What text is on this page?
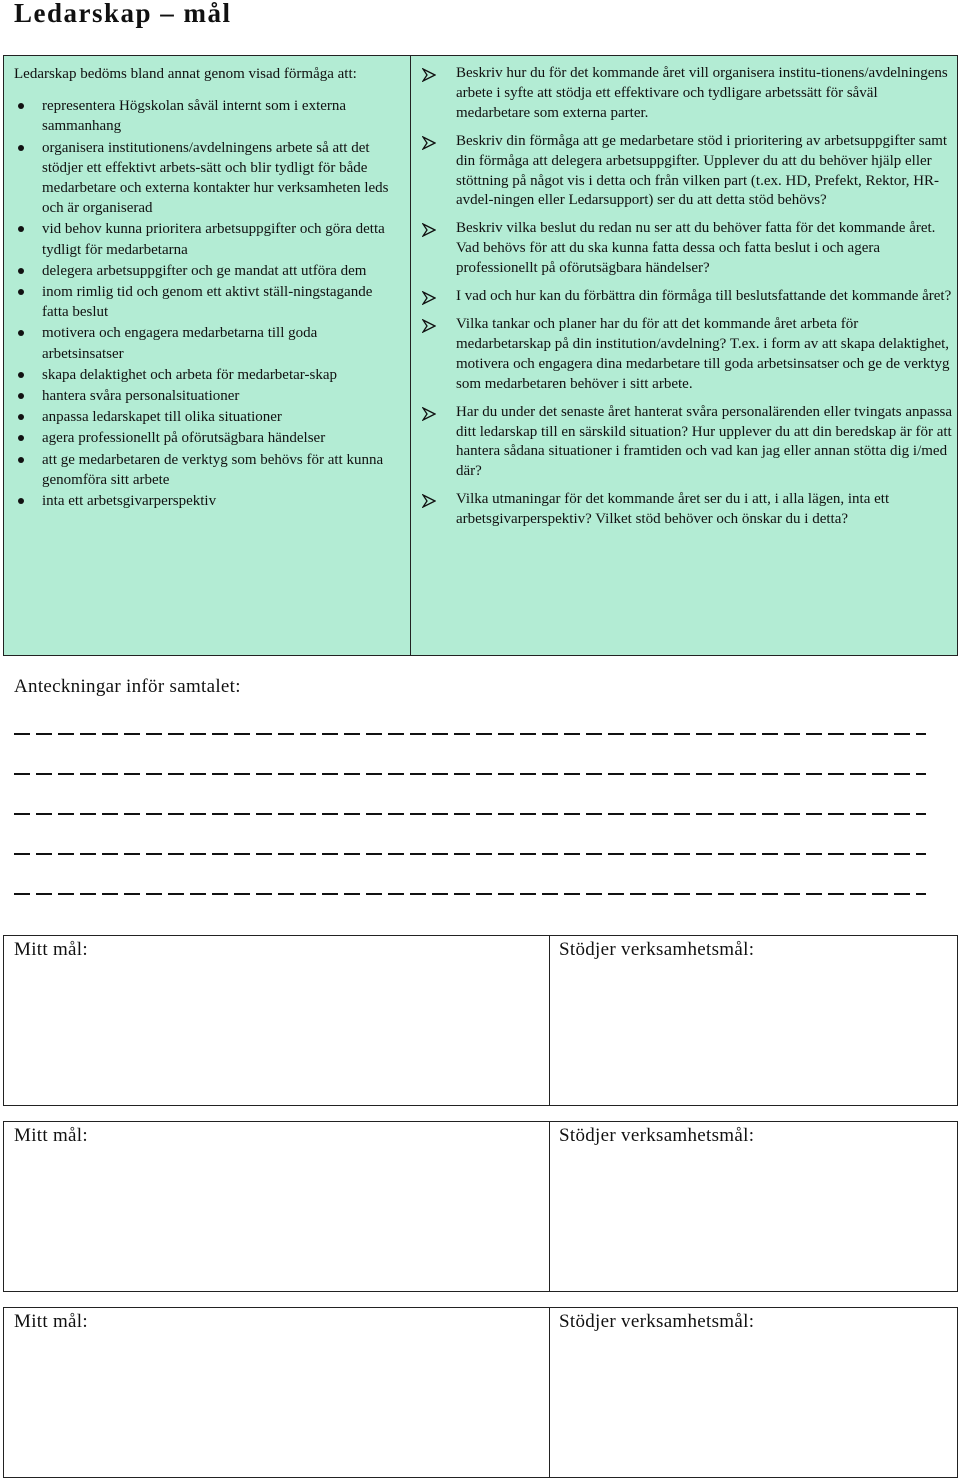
Ledarskap – mål

Ledarskap bedöms bland annat genom visad förmåga att:

representera Högskolan såväl internt som i externa sammanhang
organisera institutionens/avdelningens arbete så att det stödjer ett effektivt arbets-sätt och blir tydligt för både medarbetare och externa kontakter hur verksamheten leds och är organiserad
vid behov kunna prioritera arbetsuppgifter och göra detta tydligt för medarbetarna
delegera arbetsuppgifter och ge mandat att utföra dem
inom rimlig tid och genom ett aktivt ställ-ningstagande fatta beslut
motivera och engagera medarbetarna till goda arbetsinsatser
skapa delaktighet och arbeta för medarbetar-skap
hantera svåra personalsituationer
anpassa ledarskapet till olika situationer
agera professionellt på oförutsägbara händelser
att ge medarbetaren de verktyg som behövs för att kunna genomföra sitt arbete
inta ett arbetsgivarperspektiv
Beskriv hur du för det kommande året vill organisera institu-tionens/avdelningens arbete i syfte att stödja ett effektivare och tydligare arbetssätt för såväl medarbetare som externa parter.
Beskriv din förmåga att ge medarbetare stöd i prioritering av arbetsuppgifter samt din förmåga att delegera arbetsuppgifter. Upplever du att du behöver hjälp eller stöttning på något vis i detta och från vilken part (t.ex. HD, Prefekt, Rektor, HR-avdel-ningen eller Ledarsupport) ser du att detta stöd behövs?
Beskriv vilka beslut du redan nu ser att du behöver fatta för det kommande året. Vad behövs för att du ska kunna fatta dessa och fatta beslut i och agera professionellt på oförutsägbara händelser?
I vad och hur kan du förbättra din förmåga till beslutsfattande det kommande året?
Vilka tankar och planer har du för att det kommande året arbeta för medarbetarskap på din institution/avdelning? T.ex. i form av att skapa delaktighet, motivera och engagera dina medarbetare till goda arbetsinsatser och ge de verktyg som medarbetaren behöver i sitt arbete.
Har du under det senaste året hanterat svåra personalärenden eller tvingats anpassa ditt ledarskap till en särskild situation? Hur upplever du att din beredskap är för att hantera sådana situationer i framtiden och vad kan jag eller annan stötta dig i/med där?
Vilka utmaningar för det kommande året ser du i att, i alla lägen, inta ett arbetsgivarperspektiv? Vilket stöd behöver och önskar du i detta?
Anteckningar inför samtalet:
Mitt mål:	Stödjer verksamhetsmål:
Mitt mål:	Stödjer verksamhetsmål:
Mitt mål:	Stödjer verksamhetsmål:
